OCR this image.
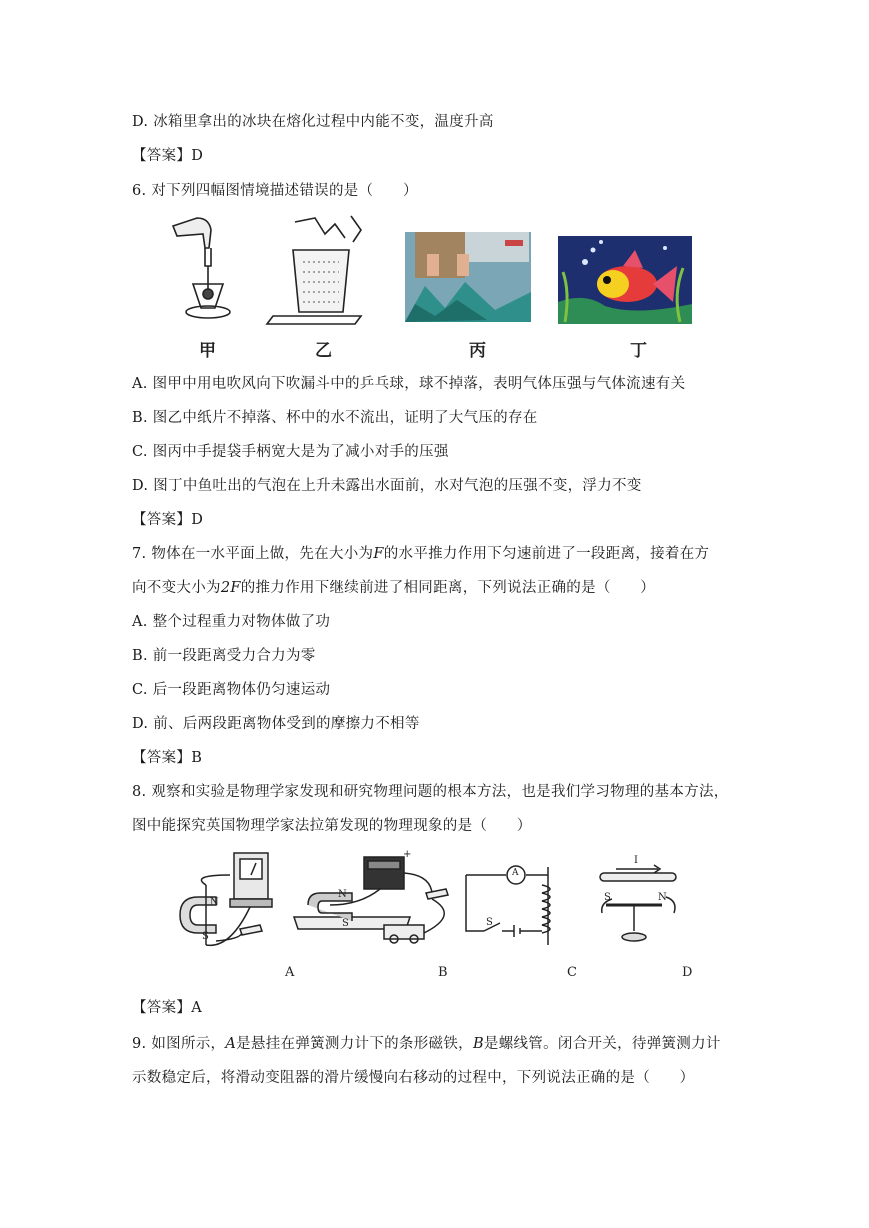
D. 冰箱里拿出的冰块在熔化过程中内能不变，温度升高
【答案】D
6. 对下列四幅图情境描述错误的是（　　）
甲	乙	丙	丁
A. 图甲中用电吹风向下吹漏斗中的乒乓球，球不掉落，表明气体压强与气体流速有关
B. 图乙中纸片不掉落、杯中的水不流出，证明了大气压的存在
C. 图丙中手提袋手柄宽大是为了减小对手的压强
D. 图丁中鱼吐出的气泡在上升未露出水面前，水对气泡的压强不变，浮力不变
【答案】D
7. 物体在一水平面上做，先在大小为F的水平推力作用下匀速前进了一段距离，接着在方
向不变大小为2F的推力作用下继续前进了相同距离，下列说法正确的是（　　）
A. 整个过程重力对物体做了功
B. 前一段距离受力合力为零
C. 后一段距离物体仍匀速运动
D. 前、后两段距离物体受到的摩擦力不相等
【答案】B
8. 观察和实验是物理学家发现和研究物理问题的根本方法，也是我们学习物理的基本方法，
图中能探究英国物理学家法拉第发现的物理现象的是（　　）
N
S
N
S
+
A
S
I
S	N
A	B	C	D
【答案】A
9. 如图所示，A是悬挂在弹簧测力计下的条形磁铁，B是螺线管。闭合开关，待弹簧测力计
示数稳定后，将滑动变阻器的滑片缓慢向右移动的过程中，下列说法正确的是（　　）
